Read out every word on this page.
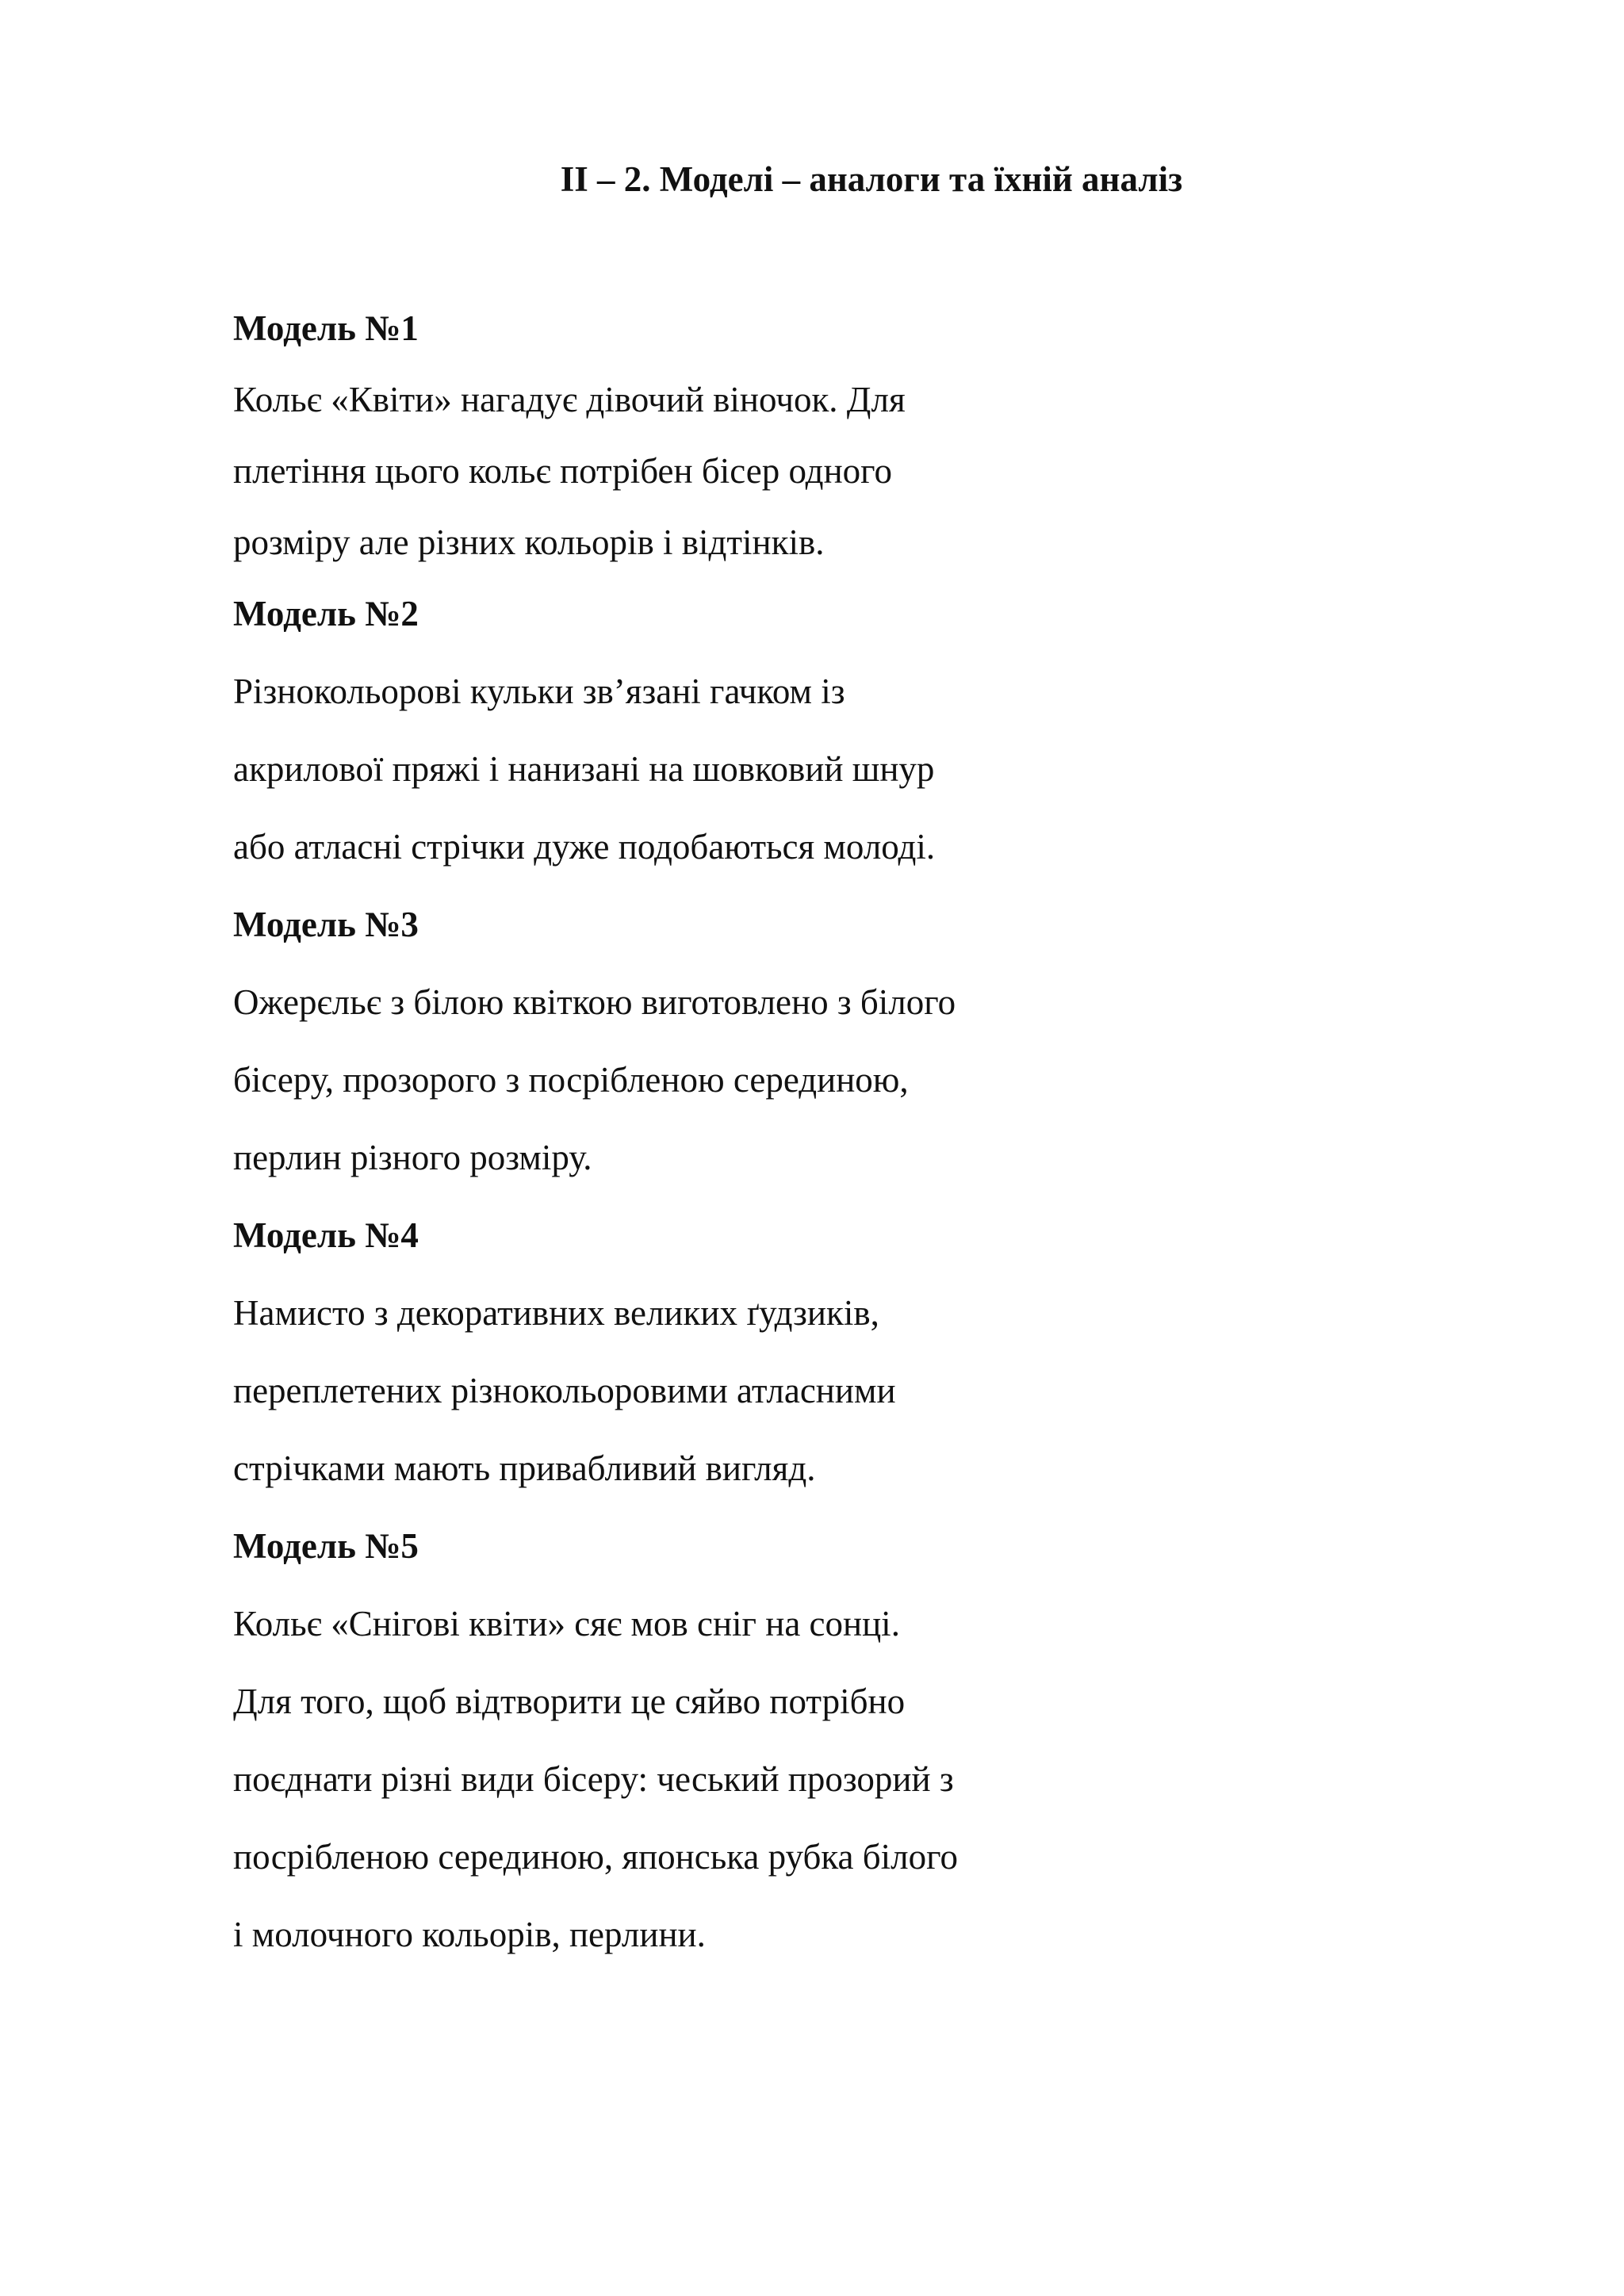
ІІ – 2. Моделі – аналоги та їхній аналіз
Модель №1
Кольє «Квіти» нагадує дівочий віночок. Для
плетіння цього кольє потрібен бісер одного
розміру але різних кольорів і відтінків.
Модель №2
Різнокольорові кульки зв’язані гачком із
акрилової пряжі і нанизані на шовковий шнур
або атласні стрічки дуже подобаються молоді.
Модель №3
Ожерєльє з білою квіткою виготовлено з білого
бісеру, прозорого з посрібленою серединою,
перлин різного розміру.
Модель №4
Намисто з декоративних великих ґудзиків,
переплетених різнокольоровими атласними
стрічками мають привабливий вигляд.
Модель №5
Кольє «Снігові квіти» сяє мов сніг на сонці.
Для того, щоб відтворити це сяйво потрібно
поєднати різні види бісеру: чеський прозорий з
посрібленою серединою, японська рубка білого
і молочного кольорів, перлини.
